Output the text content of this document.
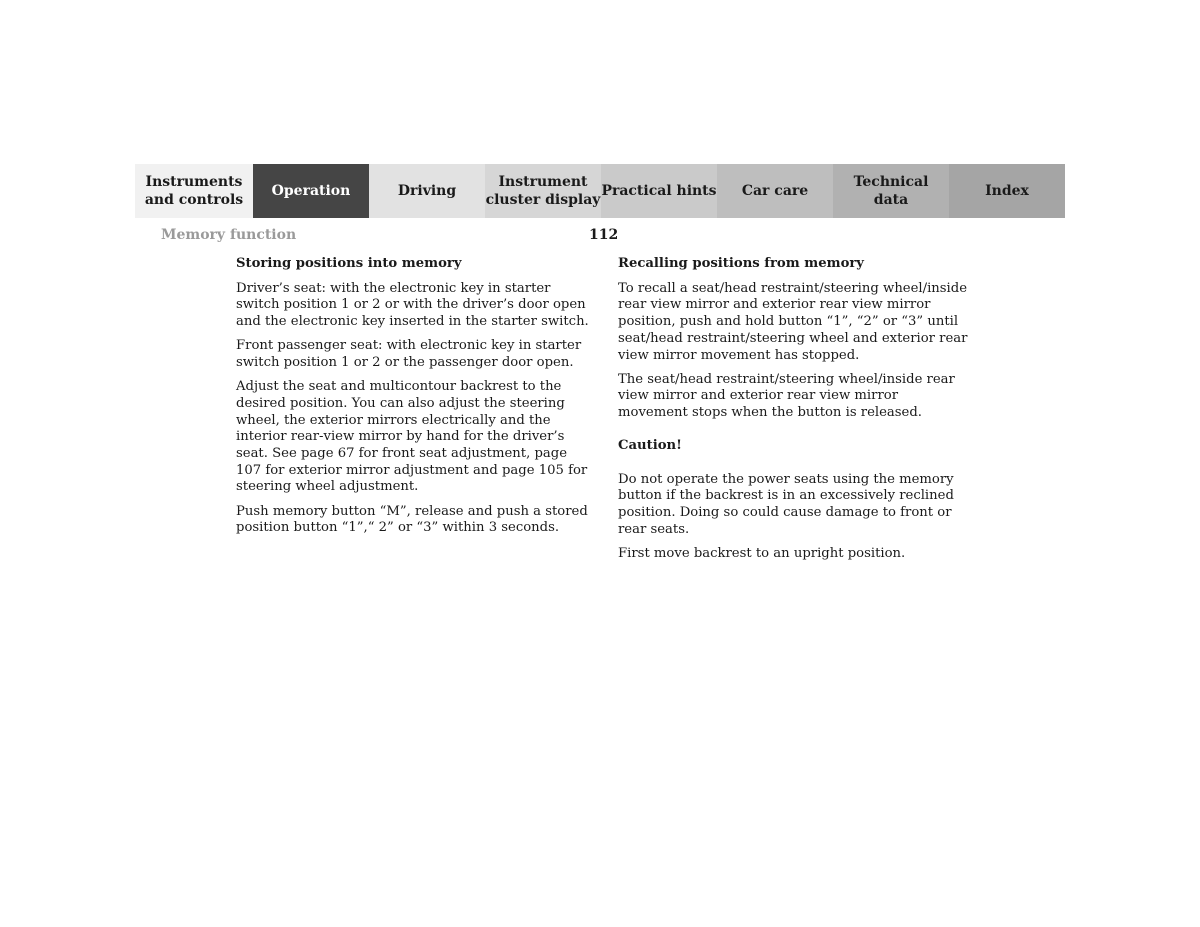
Instruments
and controls
Operation	Driving
Instrument
cluster display
Practical hints Car care
Technical
data
Index
Memory function	112
Storing positions into memory

Driver’s seat: with the electronic key in starter switch position 1 or 2 or with the driver’s door open and the electronic key inserted in the starter switch.

Front passenger seat: with electronic key in starter switch position 1 or 2 or the passenger door open.

Adjust the seat and multicontour backrest to the desired position. You can also adjust the steering wheel, the exterior mirrors electrically and the interior rear-view mirror by hand for the driver’s seat. See page 67 for front seat adjustment, page 107 for exterior mirror adjustment and page 105 for steering wheel adjustment.

Push memory button “M”, release and push a stored position button “1”,“ 2” or “3” within 3 seconds.

Recalling positions from memory

To recall a seat/head restraint/steering wheel/inside rear view mirror and exterior rear view mirror position, push and hold button “1”, “2” or “3” until seat/head restraint/steering wheel and exterior rear view mirror movement has stopped.

The seat/head restraint/steering wheel/inside rear view mirror and exterior rear view mirror movement stops when the button is released.

Caution!

Do not operate the power seats using the memory button if the backrest is in an excessively reclined position. Doing so could cause damage to front or rear seats.

First move backrest to an upright position.
